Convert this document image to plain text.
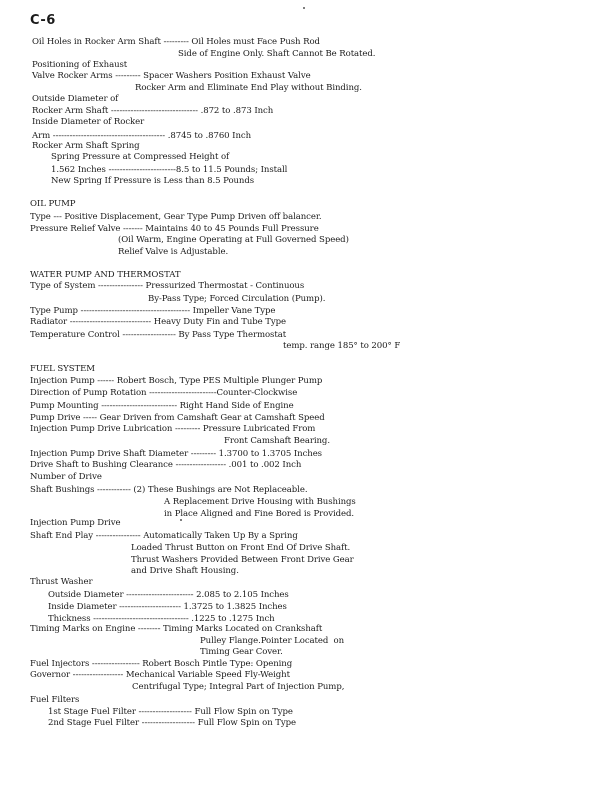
C-6
Oil Holes in Rocker Arm Shaft --------- Oil Holes must Face Push Rod
Side of Engine Only. Shaft Cannot Be Rotated.
Positioning of Exhaust
Valve Rocker Arms --------- Spacer Washers Position Exhaust Valve
Rocker Arm and Eliminate End Play without Binding.
Outside Diameter of
Rocker Arm Shaft ------------------------------- .872 to .873 Inch
Inside Diameter of Rocker
Arm ---------------------------------------- .8745 to .8760 Inch
Rocker Arm Shaft Spring
Spring Pressure at Compressed Height of
1.562 Inches ------------------------8.5 to 11.5 Pounds; Install
New Spring If Pressure is Less than 8.5 Pounds
OIL PUMP
Type --- Positive Displacement, Gear Type Pump Driven off balancer.
Pressure Relief Valve ------- Maintains 40 to 45 Pounds Full Pressure
(Oil Warm, Engine Operating at Full Governed Speed)
Relief Valve is Adjustable.
WATER PUMP AND THERMOSTAT
Type of System ---------------- Pressurized Thermostat - Continuous
By-Pass Type; Forced Circulation (Pump).
Type Pump --------------------------------------- Impeller Vane Type
Radiator ----------------------------- Heavy Duty Fin and Tube Type
Temperature Control ------------------- By Pass Type Thermostat
temp. range 185° to 200° F
FUEL SYSTEM
Injection Pump ------ Robert Bosch, Type PES Multiple Plunger Pump
Direction of Pump Rotation ------------------------Counter-Clockwise
Pump Mounting --------------------------- Right Hand Side of Engine
Pump Drive ----- Gear Driven from Camshaft Gear at Camshaft Speed
Injection Pump Drive Lubrication --------- Pressure Lubricated From
Front Camshaft Bearing.
Injection Pump Drive Shaft Diameter --------- 1.3700 to 1.3705 Inches
Drive Shaft to Bushing Clearance ------------------ .001 to .002 Inch
Number of Drive
Shaft Bushings ------------ (2) These Bushings are Not Replaceable.
A Replacement Drive Housing with Bushings
in Place Aligned and Fine Bored is Provided.
Injection Pump Drive
Shaft End Play ---------------- Automatically Taken Up By a Spring
Loaded Thrust Button on Front End Of Drive Shaft.
Thrust Washers Provided Between Front Drive Gear
and Drive Shaft Housing.
Thrust Washer
Outside Diameter ------------------------ 2.085 to 2.105 Inches
Inside Diameter ---------------------- 1.3725 to 1.3825 Inches
Thickness ---------------------------------- .1225 to .1275 Inch
Timing Marks on Engine -------- Timing Marks Located on Crankshaft
Pulley Flange.Pointer Located  on
Timing Gear Cover.
Fuel Injectors ----------------- Robert Bosch Pintle Type: Opening
Governor ------------------ Mechanical Variable Speed Fly-Weight
Centrifugal Type; Integral Part of Injection Pump,
Fuel Filters
1st Stage Fuel Filter ------------------- Full Flow Spin on Type
2nd Stage Fuel Filter ------------------- Full Flow Spin on Type
